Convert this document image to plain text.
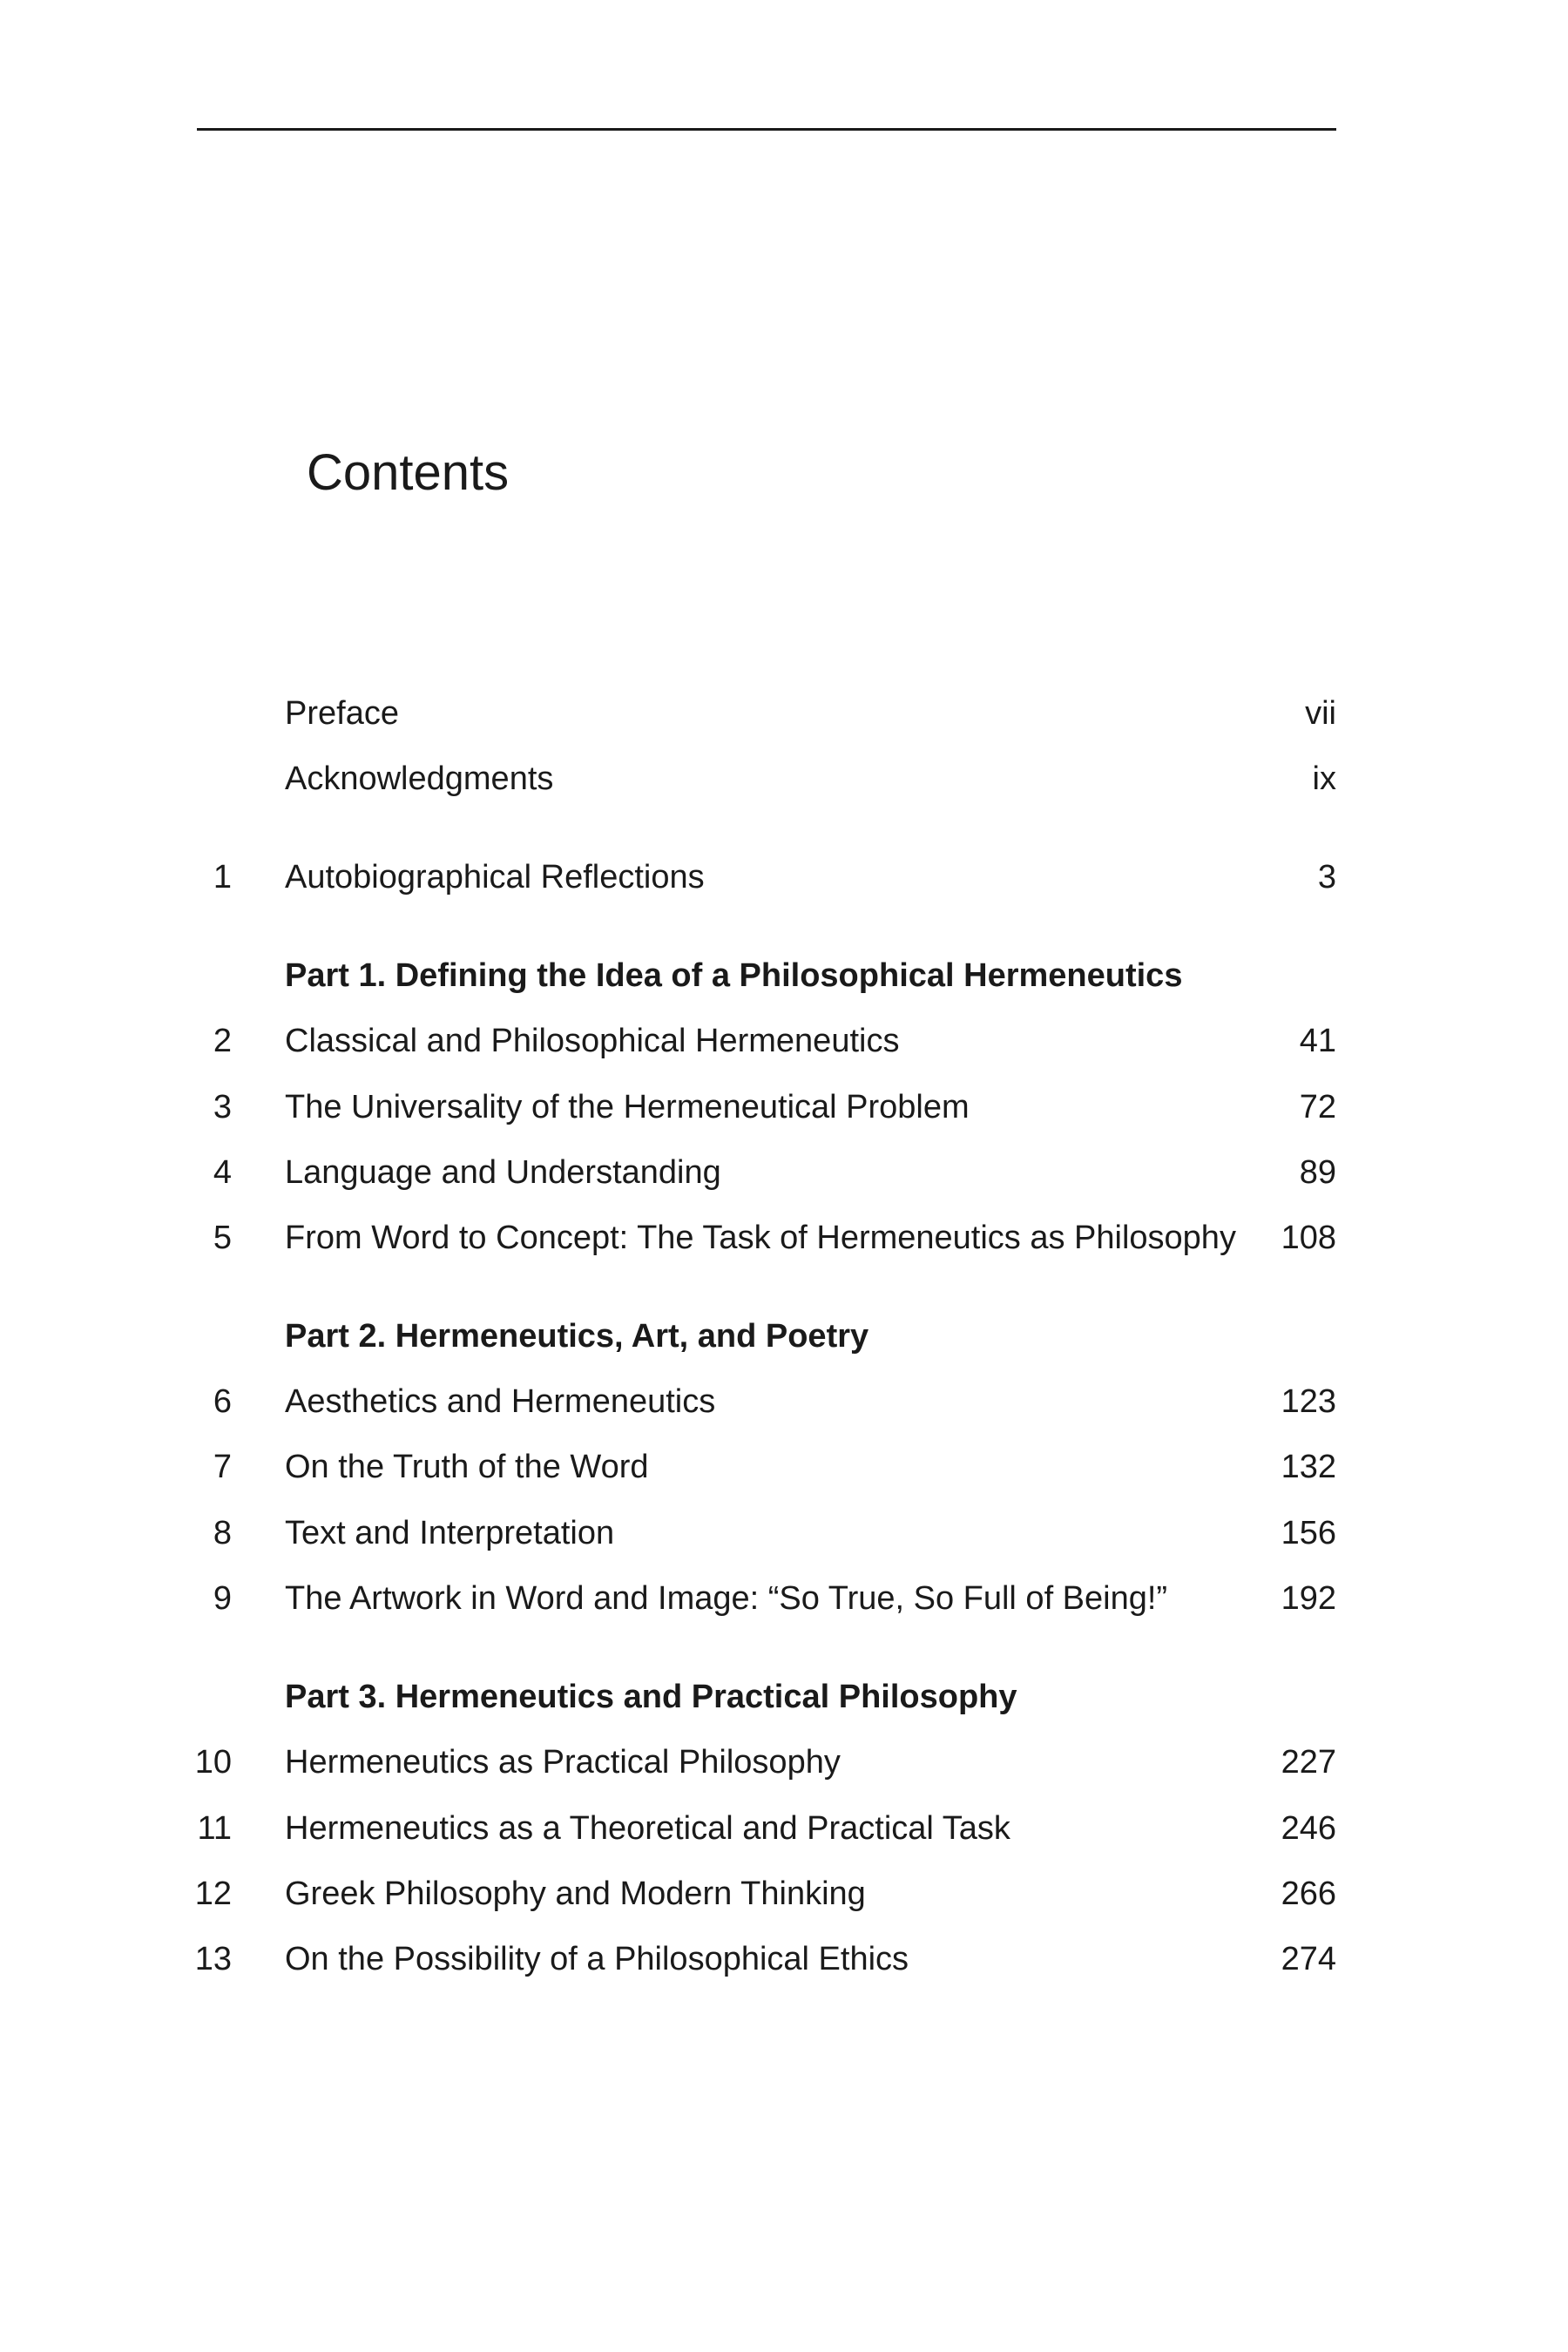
Contents
Preface	vii
Acknowledgments	ix
1 Autobiographical Reflections	3
Part 1. Defining the Idea of a Philosophical Hermeneutics
2 Classical and Philosophical Hermeneutics	41
3 The Universality of the Hermeneutical Problem	72
4 Language and Understanding	89
5 From Word to Concept: The Task of Hermeneutics as Philosophy 108
Part 2. Hermeneutics, Art, and Poetry
6 Aesthetics and Hermeneutics	123
7 On the Truth of the Word	132
8 Text and Interpretation	156
9 The Artwork in Word and Image: “So True, So Full of Being!”	192
Part 3. Hermeneutics and Practical Philosophy
10 Hermeneutics as Practical Philosophy	227
11 Hermeneutics as a Theoretical and Practical Task	246
12 Greek Philosophy and Modern Thinking	266
13 On the Possibility of a Philosophical Ethics	274
